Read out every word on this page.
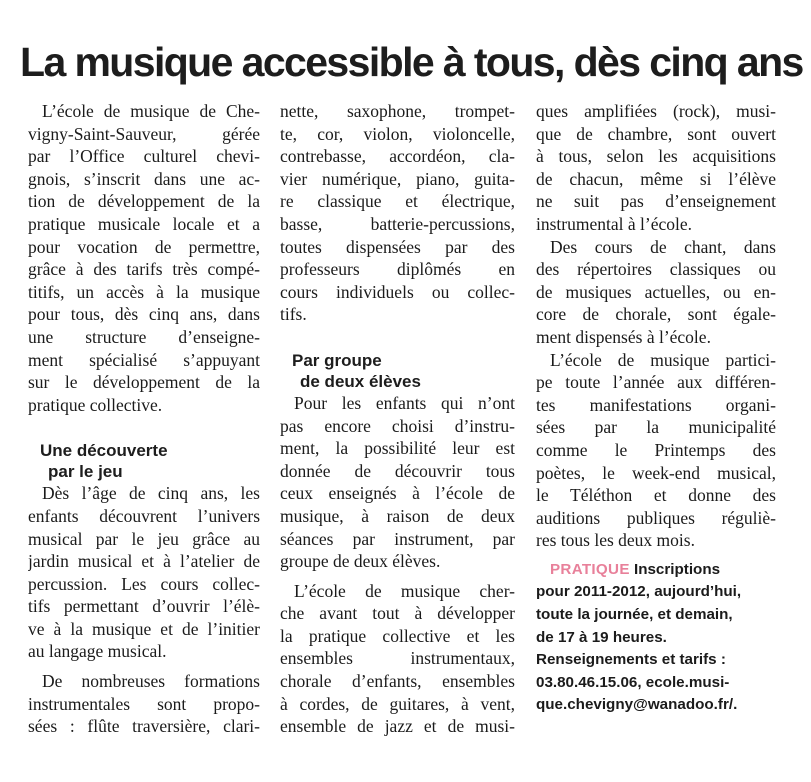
La musique accessible à tous, dès cinq ans
L’école de musique de Che-
vigny-Saint-Sauveur, gérée
par l’Office culturel chevi-
gnois, s’inscrit dans une ac-
tion de développement de la
pratique musicale locale et a
pour vocation de permettre,
grâce à des tarifs très compé-
titifs, un accès à la musique
pour tous, dès cinq ans, dans
une structure d’enseigne-
ment spécialisé s’appuyant
sur le développement de la
pratique collective.
Une découverte
par le jeu
Dès l’âge de cinq ans, les
enfants découvrent l’univers
musical par le jeu grâce au
jardin musical et à l’atelier de
percussion. Les cours collec-
tifs permettant d’ouvrir l’élè-
ve à la musique et de l’initier
au langage musical.
De nombreuses formations
instrumentales sont propo-
sées : flûte traversière, clari-
nette, saxophone, trompet-
te, cor, violon, violoncelle,
contrebasse, accordéon, cla-
vier numérique, piano, guita-
re classique et électrique,
basse, batterie-percussions,
toutes dispensées par des
professeurs diplômés en
cours individuels ou collec-
tifs.
Par groupe
de deux élèves
Pour les enfants qui n’ont
pas encore choisi d’instru-
ment, la possibilité leur est
donnée de découvrir tous
ceux enseignés à l’école de
musique, à raison de deux
séances par instrument, par
groupe de deux élèves.
L’école de musique cher-
che avant tout à développer
la pratique collective et les
ensembles instrumentaux,
chorale d’enfants, ensembles
à cordes, de guitares, à vent,
ensemble de jazz et de musi-
ques amplifiées (rock), musi-
que de chambre, sont ouvert
à tous, selon les acquisitions
de chacun, même si l’élève
ne suit pas d’enseignement
instrumental à l’école.
Des cours de chant, dans
des répertoires classiques ou
de musiques actuelles, ou en-
core de chorale, sont égale-
ment dispensés à l’école.
L’école de musique partici-
pe toute l’année aux différen-
tes manifestations organi-
sées par la municipalité
comme le Printemps des
poètes, le week-end musical,
le Téléthon et donne des
auditions publiques réguliè-
res tous les deux mois.
PRATIQUE Inscriptions
pour 2011-2012, aujourd’hui,
toute la journée, et demain,
de 17 à 19 heures.
Renseignements et tarifs :
03.80.46.15.06, ecole.musi-
que.chevigny@wanadoo.fr/.
